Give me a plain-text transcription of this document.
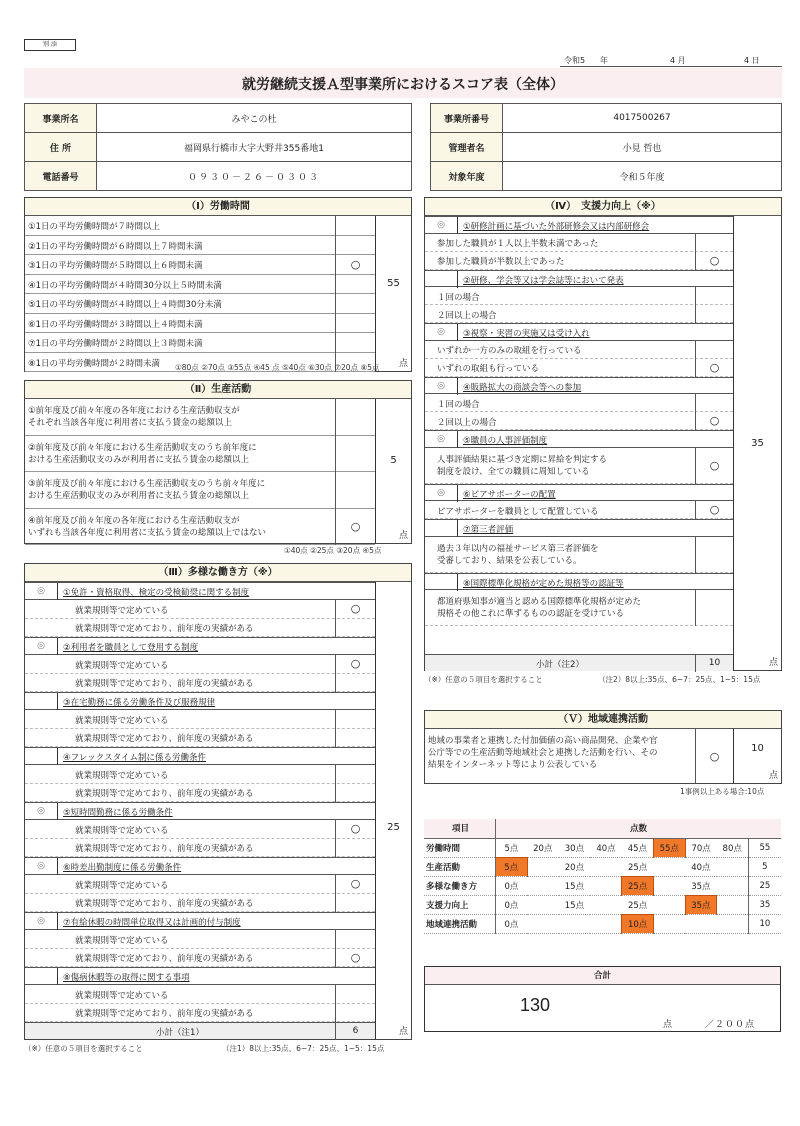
別 添
令和5 年	4 月	4 日
就労継続支援Ａ型事業所におけるスコア表（全体）
事業所名	みやこの杜
住 所	福岡県行橋市大字大野井355番地1
電話番号	０９３０－２６－０３０３
事業所番号	4017500267
管理者名	小見 哲也
対象年度	令和５年度
（Ⅰ）労働時間
①1日の平均労働時間が７時間以上
②1日の平均労働時間が６時間以上７時間未満
③1日の平均労働時間が５時間以上６時間未満	○
④1日の平均労働時間が４時間30分以上５時間未満
⑤1日の平均労働時間が４時間以上４時間30分未満
⑥1日の平均労働時間が３時間以上４時間未満
⑦1日の平均労働時間が２時間以上３時間未満
⑧1日の平均労働時間が２時間未満
55
点
①80点 ②70点 ③55点 ④45 点 ⑤40点 ⑥30点 ⑦20点 ⑧5点
（Ⅱ）生産活動
①前年度及び前々年度の各年度における生産活動収支が
それぞれ当該各年度に利用者に支払う賃金の総額以上
②前年度及び前々年度における生産活動収支のうち前年度に
おける生産活動収支のみが利用者に支払う賃金の総額以上
③前年度及び前々年度における生産活動収支のうち前々年度に
おける生産活動収支のみが利用者に支払う賃金の総額以上
④前年度及び前々年度の各年度における生産活動収支が
いずれも当該各年度に利用者に支払う賃金の総額以上ではない	○
5
点
①40点 ②25点 ③20点 ④5点
（Ⅲ）多様な働き方（※）
◎	①免許・資格取得、検定の受検勧奨に関する制度
就業規則等で定めている	○
就業規則等で定めており、前年度の実績がある
◎	②利用者を職員として登用する制度
就業規則等で定めている	○
就業規則等で定めており、前年度の実績がある
③在宅勤務に係る労働条件及び服務規律
就業規則等で定めている
就業規則等で定めており、前年度の実績がある
④フレックスタイム制に係る労働条件
就業規則等で定めている
就業規則等で定めており、前年度の実績がある
◎	⑤短時間勤務に係る労働条件
就業規則等で定めている	○
就業規則等で定めており、前年度の実績がある
◎	⑥時差出勤制度に係る労働条件
就業規則等で定めている	○
就業規則等で定めており、前年度の実績がある
◎	⑦有給休暇の時間単位取得又は計画的付与制度
就業規則等で定めている
就業規則等で定めており、前年度の実績がある	○
⑧傷病休暇等の取得に関する事項
就業規則等で定めている
就業規則等で定めており、前年度の実績がある
小計（注1）	6
25
点
（※）任意の５項目を選択すること	（注1）8以上:35点、6~7：25点、1~5：15点
（Ⅳ）　支援力向上（※）
◎	①研修計画に基づいた外部研修会又は内部研修会
参加した職員が１人以上半数未満であった
参加した職員が半数以上であった	○
②研修、学会等又は学会誌等において発表
１回の場合
２回以上の場合
◎	③視察・実習の実施又は受け入れ
いずれか一方のみの取組を行っている
いずれの取組も行っている	○
◎	④販路拡大の商談会等への参加
１回の場合
２回以上の場合	○
◎	⑤職員の人事評価制度
人事評価結果に基づき定期に昇給を判定する
制度を設け、全ての職員に周知している	○
◎	⑥ピアサポーターの配置
ピアサポーターを職員として配置している	○
⑦第三者評価
過去３年以内の福祉サービス第三者評価を
受審しており、結果を公表している。
⑧国際標準化規格が定めた規格等の認証等
都道府県知事が適当と認める国際標準化規格が定めた
規格その他これに準ずるものの認証を受けている
小計（注2）	10
35
点
（※）任意の５項目を選択すること	（注2）8以上:35点、6~7：25点、1~5：15点
（Ｖ）地域連携活動
地域の事業者と連携した付加価値の高い商品開発、企業や官
公庁等での生産活動等地域社会と連携した活動を行い、その
結果をインターネット等により公表している
○
10
点
1事例以上ある場合:10点
項目	点数								
労働時間	5点	20点	30点	40点	45点	55点	70点	80点	55
生産活動	5点		20点		25点		40点		5
多様な働き方	0点		15点		25点		35点		25
支援力向上	0点		15点		25点		35点		35
地域連携活動	0点				10点				10
合計
130
点	／２００点
